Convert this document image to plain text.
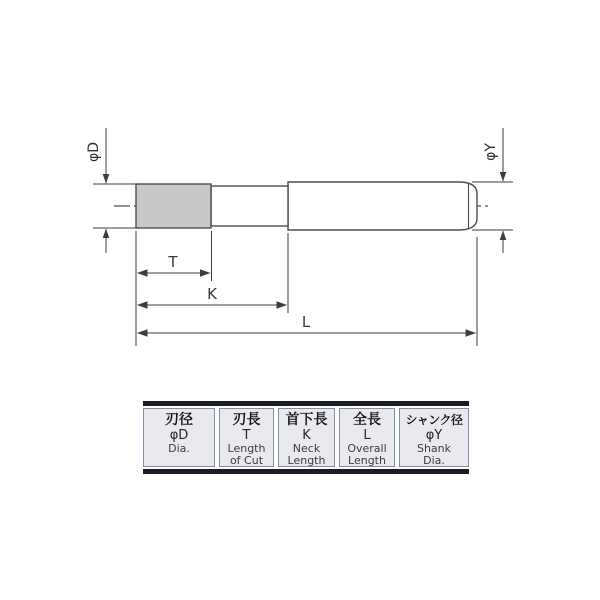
φD	φY
T
K
L
刃径
φD
Dia.
刃長
T
Length
of Cut
首下長
K
Neck
Length
全長
L
Overall
Length
シャンク径
φY
Shank
Dia.
